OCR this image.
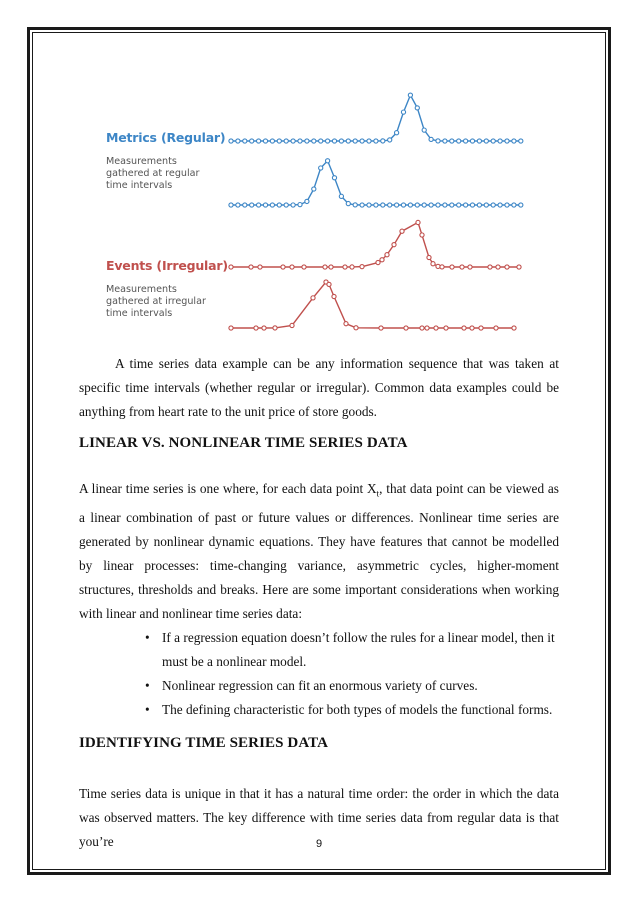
Metrics (Regular)
Measurements
gathered at regular
time intervals
Events (Irregular)
Measurements
gathered at irregular
time intervals
A time series data example can be any information sequence that was taken at specific time intervals (whether regular or irregular). Common data examples could be anything from heart rate to the unit price of store goods.
LINEAR VS. NONLINEAR TIME SERIES DATA
A linear time series is one where, for each data point $X_t$, that data point can be viewed as a linear combination of past or future values or differences. Nonlinear time series are generated by nonlinear dynamic equations. They have features that cannot be modelled by linear processes: time-changing variance, asymmetric cycles, higher-moment structures, thresholds and breaks. Here are some important considerations when working with linear and nonlinear time series data:
• If a regression equation doesn’t follow the rules for a linear model, then it must be a nonlinear model.
• Nonlinear regression can fit an enormous variety of curves.
• The defining characteristic for both types of models the functional forms.
IDENTIFYING TIME SERIES DATA
Time series data is unique in that it has a natural time order: the order in which the data was observed matters. The key difference with time series data from regular data is that you’re	9
